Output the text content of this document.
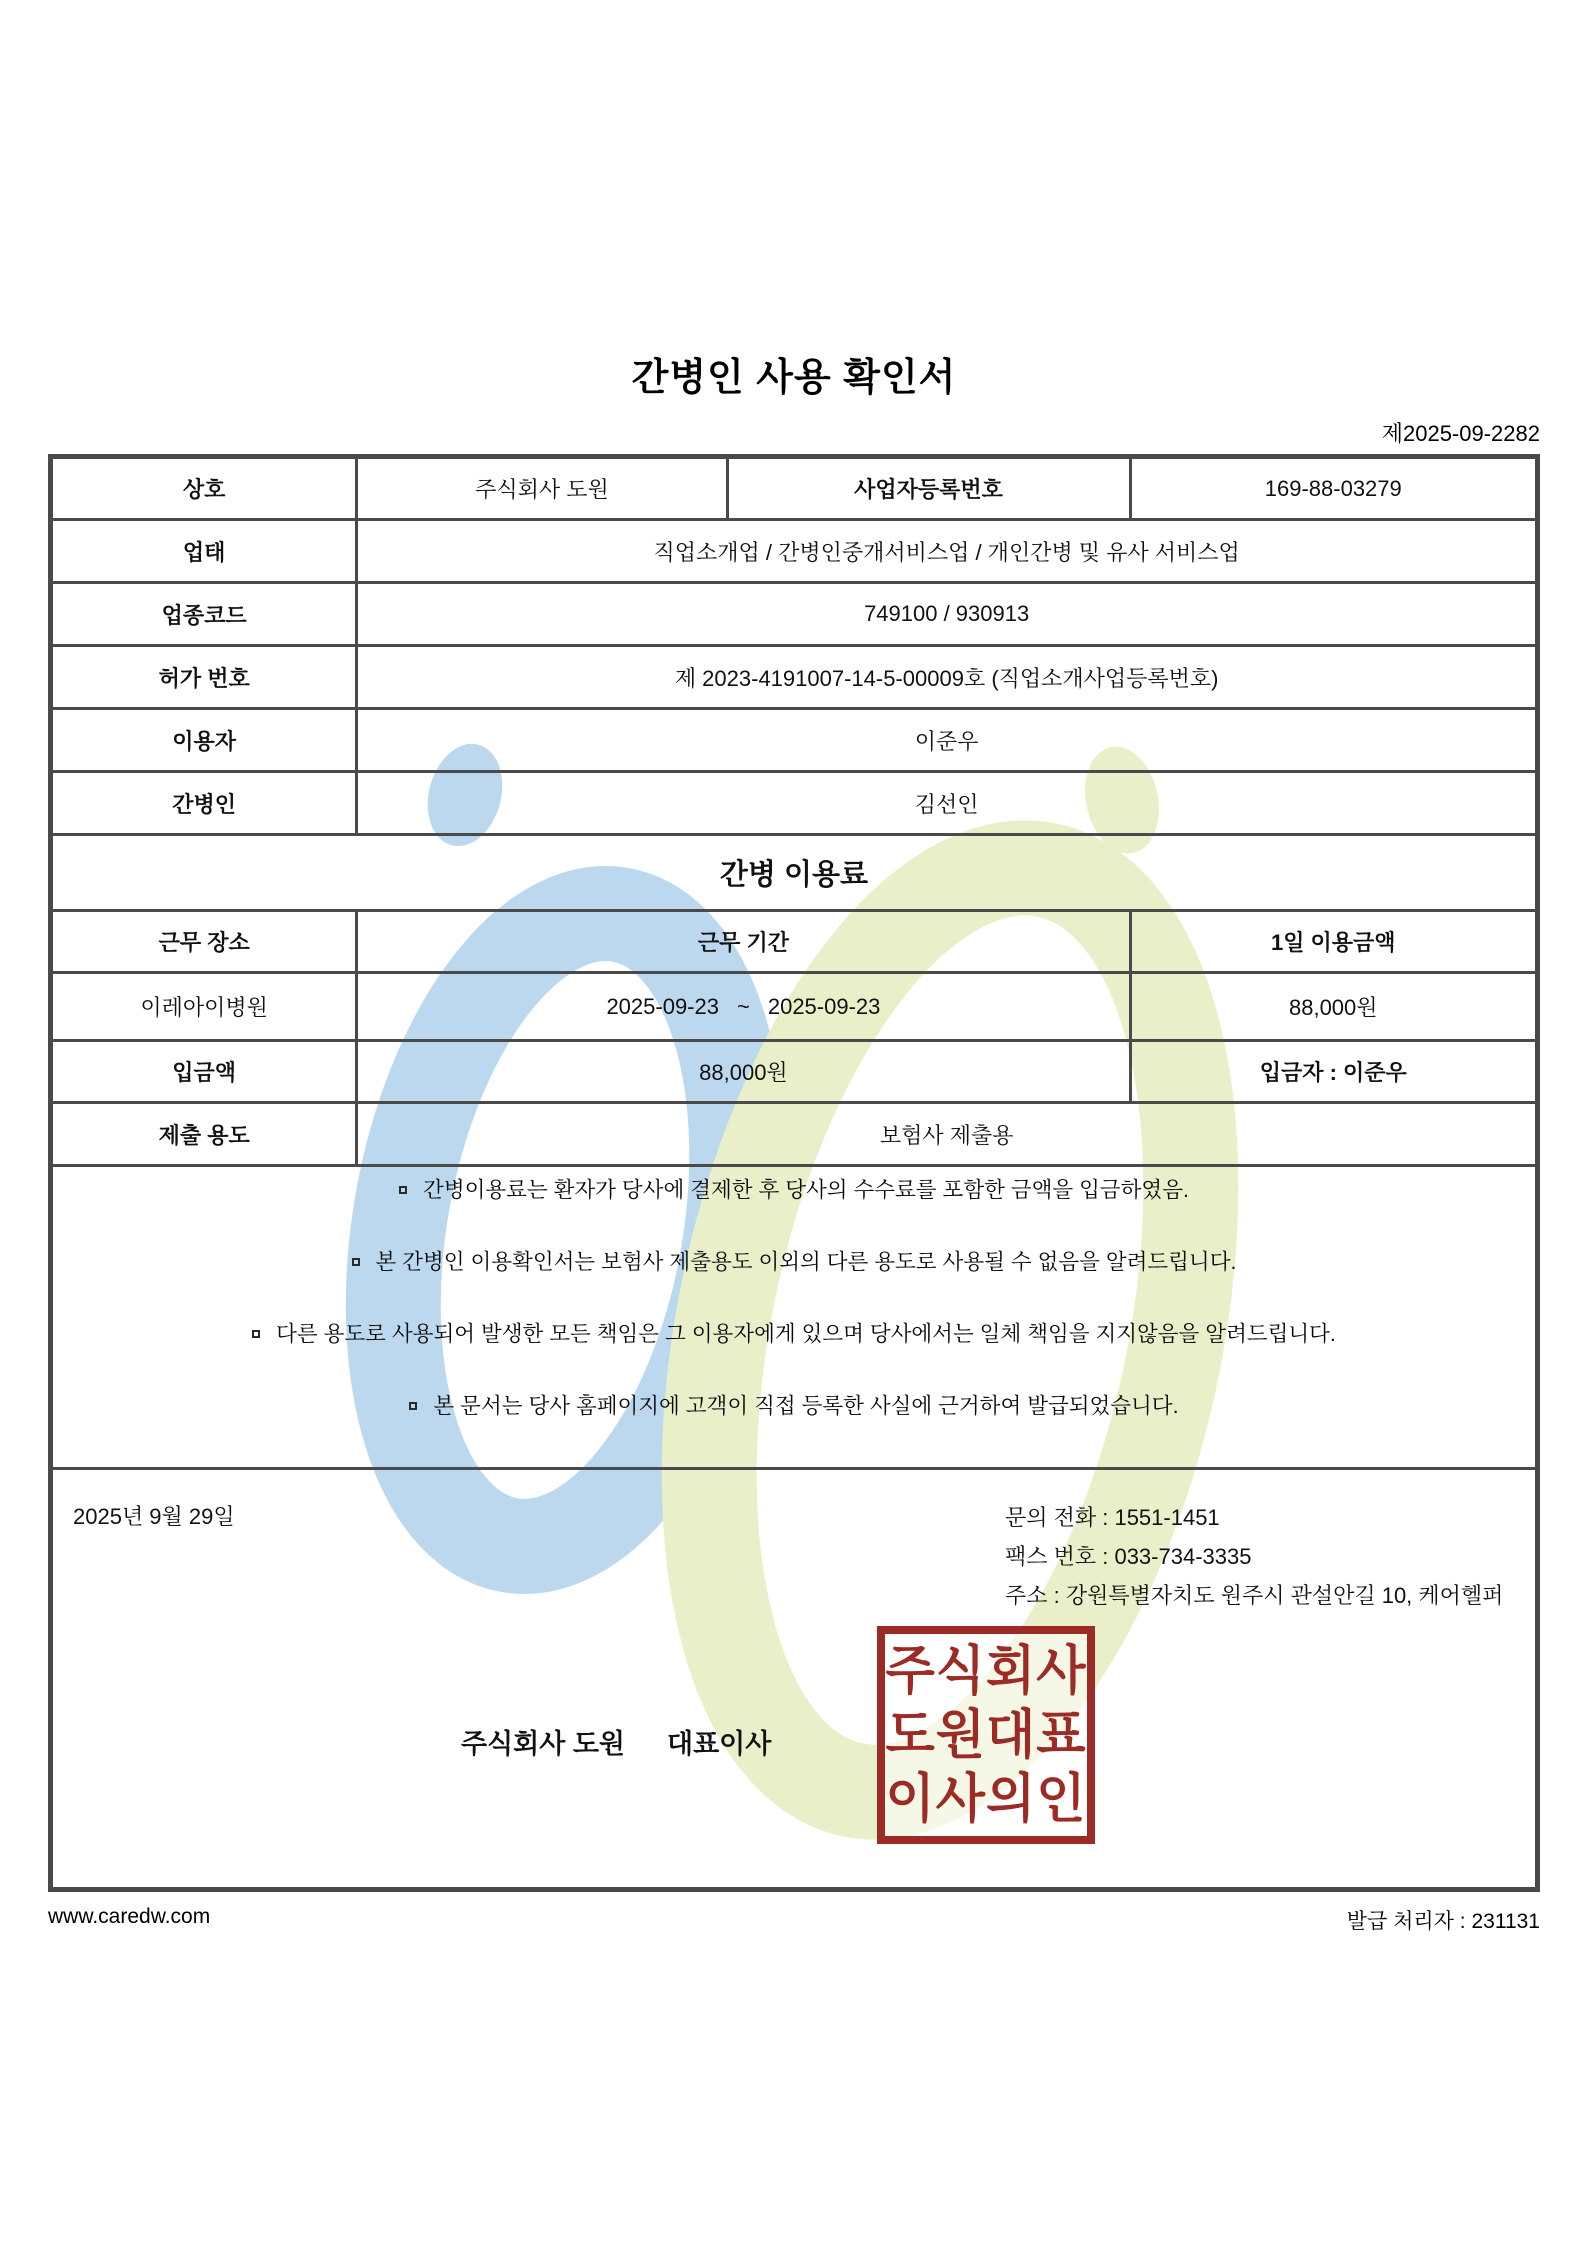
간병인 사용 확인서
제2025-09-2282
상호	주식회사 도원	사업자등록번호	169-88-03279
업태	직업소개업 / 간병인중개서비스업 / 개인간병 및 유사 서비스업		
업종코드	749100 / 930913		
허가 번호	제 2023-4191007-14-5-00009호 (직업소개사업등록번호)		
이용자	이준우		
간병인	김선인		
간병 이용료			
근무 장소	근무 기간		1일 이용금액
이레아이병원	2025-09-23 ~ 2025-09-23		88,000원
입금액	88,000원		입금자 : 이준우
제출 용도	보험사 제출용		

간병이용료는 환자가 당사에 결제한 후 당사의 수수료를 포함한 금액을 입금하였음.
본 간병인 이용확인서는 보험사 제출용도 이외의 다른 용도로 사용될 수 없음을 알려드립니다.
다른 용도로 사용되어 발생한 모든 책임은 그 이용자에게 있으며 당사에서는 일체 책임을 지지않음을 알려드립니다.
본 문서는 당사 홈페이지에 고객이 직접 등록한 사실에 근거하여 발급되었습니다.			

2025년 9월 29일	문의 전화 : 1551-1451
팩스 번호 : 033-734-3335
주소 : 강원특별자치도 원주시 관설안길 10, 케어헬퍼
주식회사 도원 대표이사
주식회사
도원대표
이사의인
www.caredw.com	발급 처리자 : 231131
